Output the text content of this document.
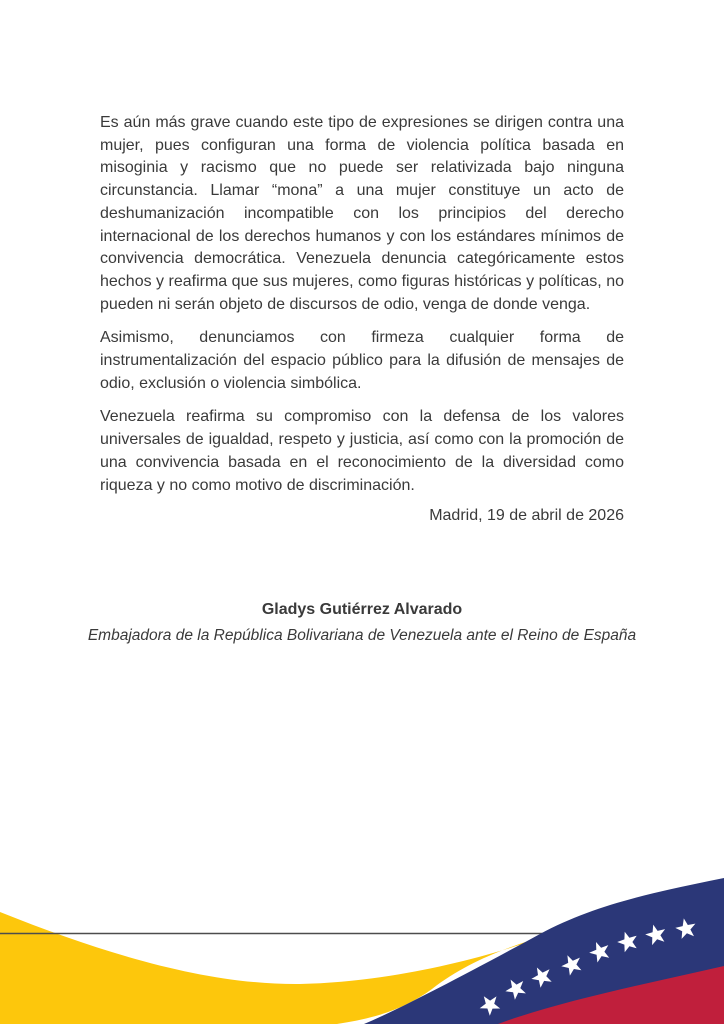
Es aún más grave cuando este tipo de expresiones se dirigen contra una mujer, pues configuran una forma de violencia política basada en misoginia y racismo que no puede ser relativizada bajo ninguna circunstancia. Llamar “mona” a una mujer constituye un acto de deshumanización incompatible con los principios del derecho internacional de los derechos humanos y con los estándares mínimos de convivencia democrática. Venezuela denuncia categóricamente estos hechos y reafirma que sus mujeres, como figuras históricas y políticas, no pueden ni serán objeto de discursos de odio, venga de donde venga.

Asimismo, denunciamos con firmeza cualquier forma de instrumentalización del espacio público para la difusión de mensajes de odio, exclusión o violencia simbólica.

Venezuela reafirma su compromiso con la defensa de los valores universales de igualdad, respeto y justicia, así como con la promoción de una convivencia basada en el reconocimiento de la diversidad como riqueza y no como motivo de discriminación.

Madrid, 19 de abril de 2026

Gladys Gutiérrez Alvarado

Embajadora de la República Bolivariana de Venezuela ante el Reino de España
